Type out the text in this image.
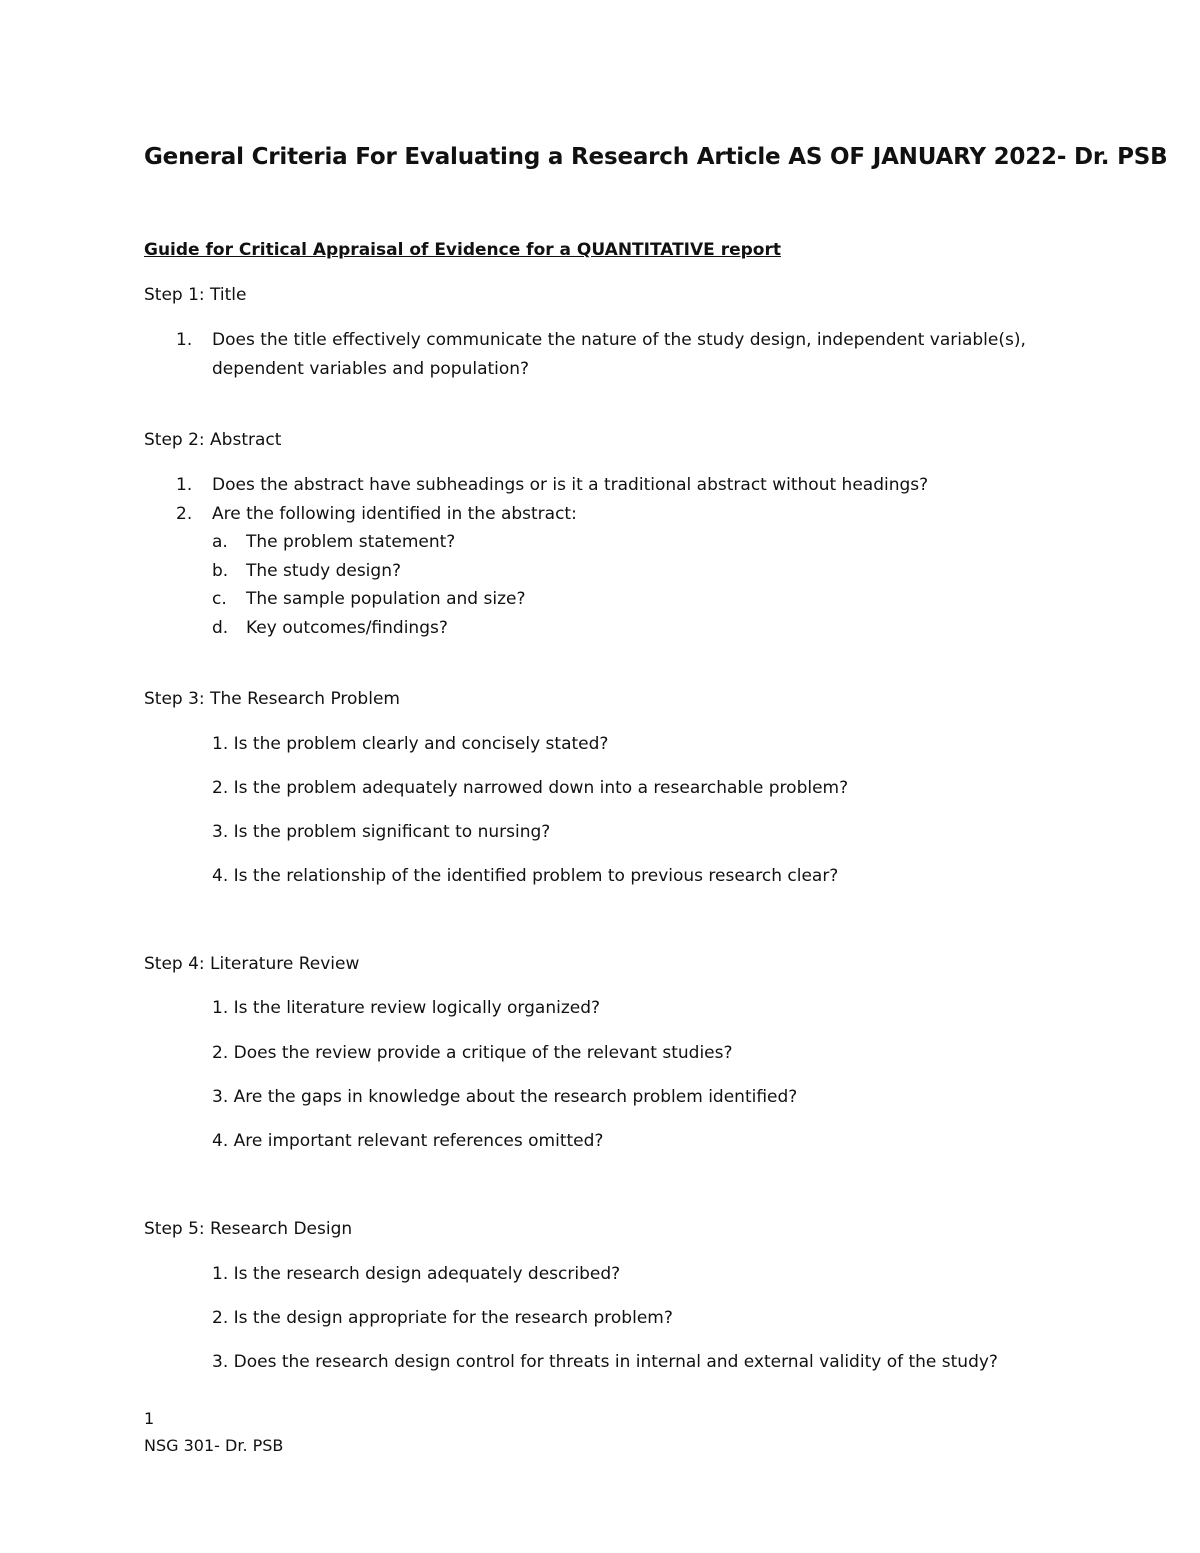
General Criteria For Evaluating a Research Article AS OF JANUARY 2022- Dr. PSB
Guide for Critical Appraisal of Evidence for a QUANTITATIVE report
Step 1: Title
1. Does the title effectively communicate the nature of the study design, independent variable(s),
dependent variables and population?
Step 2: Abstract
1. Does the abstract have subheadings or is it a traditional abstract without headings?
2. Are the following identified in the abstract:
a. The problem statement?
b. The study design?
c. The sample population and size?
d. Key outcomes/findings?
Step 3: The Research Problem
1. Is the problem clearly and concisely stated?
2. Is the problem adequately narrowed down into a researchable problem?
3. Is the problem significant to nursing?
4. Is the relationship of the identified problem to previous research clear?
Step 4: Literature Review
1. Is the literature review logically organized?
2. Does the review provide a critique of the relevant studies?
3. Are the gaps in knowledge about the research problem identified?
4. Are important relevant references omitted?
Step 5: Research Design
1. Is the research design adequately described?
2. Is the design appropriate for the research problem?
3. Does the research design control for threats in internal and external validity of the study?
1
NSG 301- Dr. PSB
